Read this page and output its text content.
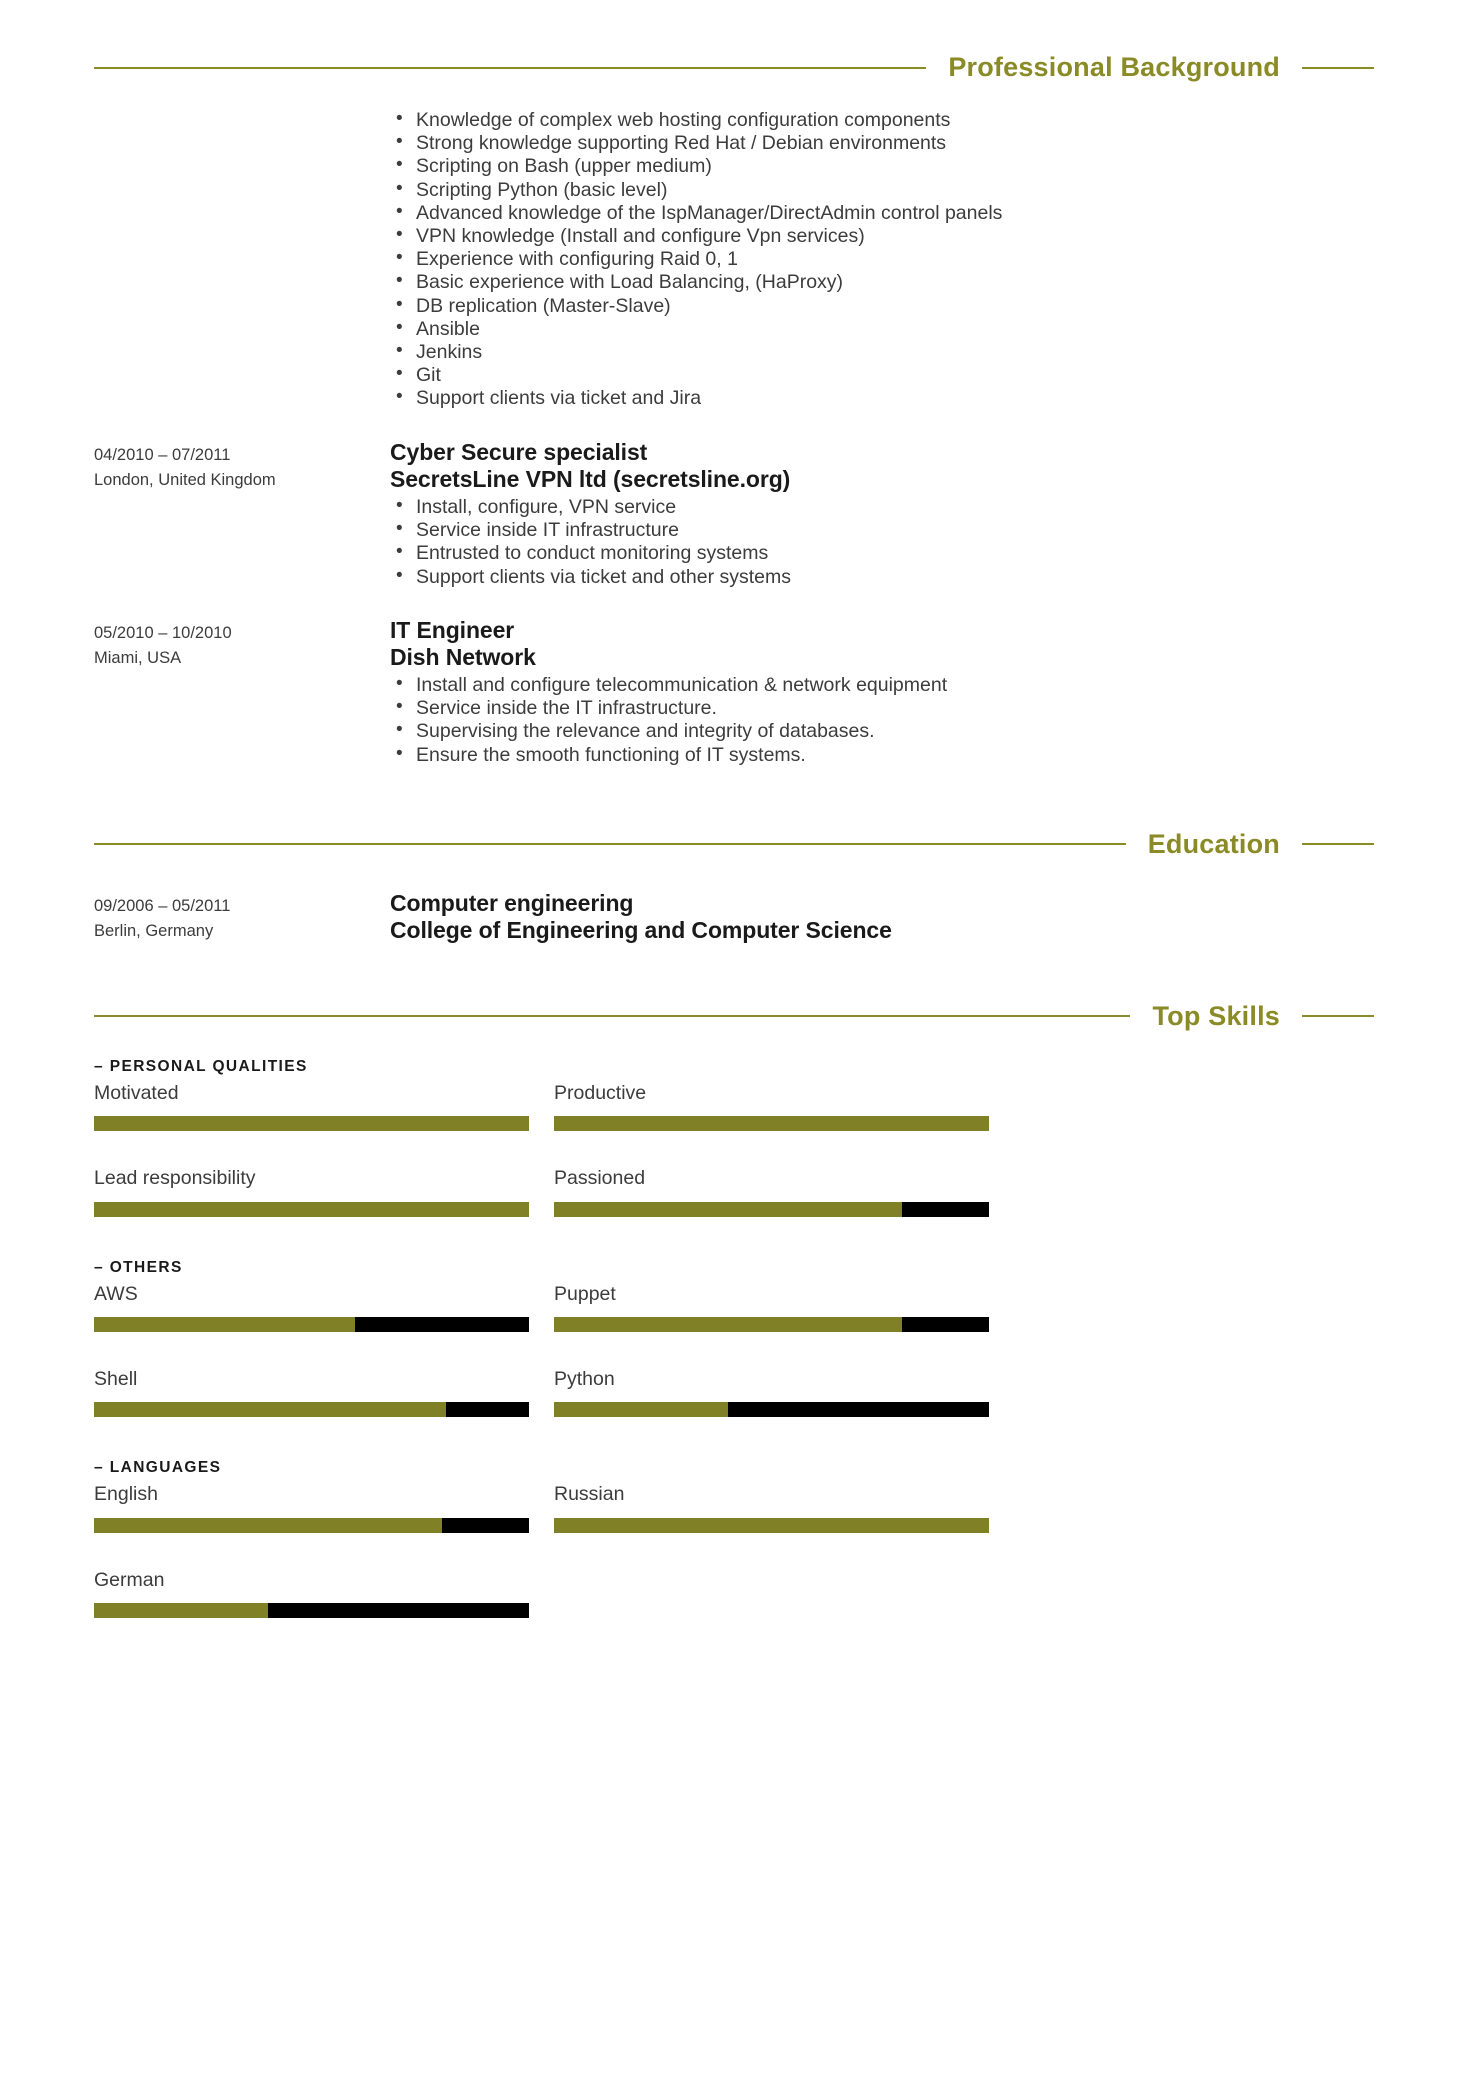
Professional Background
• Knowledge of complex web hosting configuration components
• Strong knowledge supporting Red Hat / Debian environments
• Scripting on Bash (upper medium)
• Scripting Python (basic level)
• Advanced knowledge of the IspManager/DirectAdmin control panels
• VPN knowledge (Install and configure Vpn services)
• Experience with configuring Raid 0, 1
• Basic experience with Load Balancing, (HaProxy)
• DB replication (Master-Slave)
• Ansible
• Jenkins
• Git
• Support clients via ticket and Jira
04/2010 – 07/2011
London, United Kingdom
Cyber Secure specialist
SecretsLine VPN ltd (secretsline.org)
• Install, configure, VPN service
• Service inside IT infrastructure
• Entrusted to conduct monitoring systems
• Support clients via ticket and other systems
05/2010 – 10/2010
Miami, USA
IT Engineer
Dish Network
• Install and configure telecommunication & network equipment
• Service inside the IT infrastructure.
• Supervising the relevance and integrity of databases.
• Ensure the smooth functioning of IT systems.
Education
09/2006 – 05/2011
Berlin, Germany
Computer engineering
College of Engineering and Computer Science
Top Skills
– PERSONAL QUALITIES
Motivated	Productive
Lead responsibility	Passioned
– OTHERS
AWS	Puppet
Shell	Python
– LANGUAGES
English	Russian
German
